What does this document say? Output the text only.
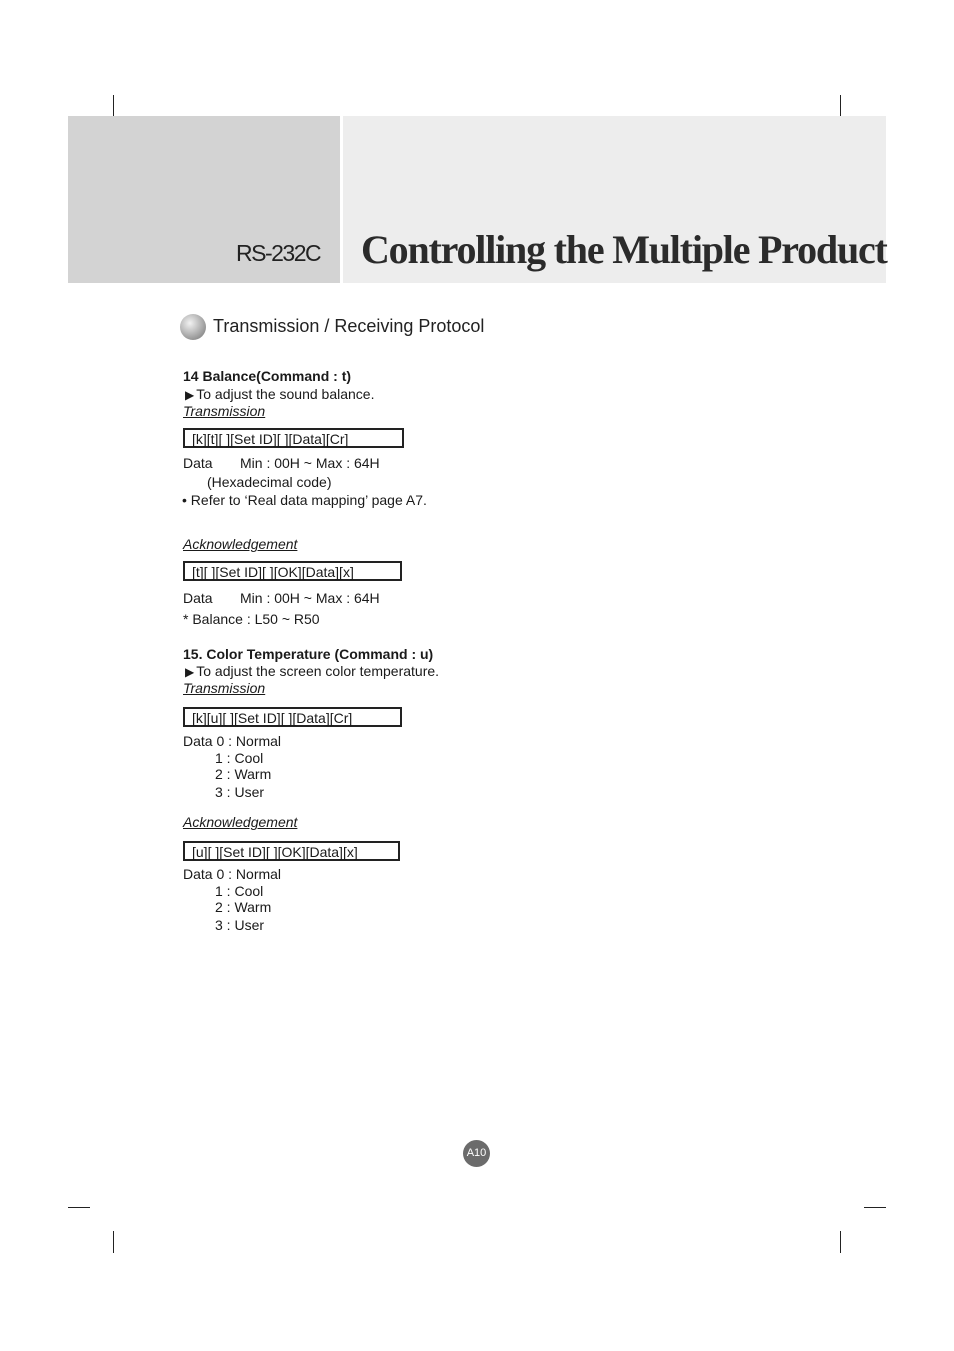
RS-232C Controlling the Multiple Product
Transmission / Receiving Protocol
14 Balance(Command : t)
▶ To adjust the sound balance.
Transmission
[k][t][ ][Set ID][ ][Data][Cr]
Data Min : 00H ~ Max : 64H
(Hexadecimal code)
• Refer to ‘Real data mapping’ page A7.
Acknowledgement
[t][ ][Set ID][ ][OK][Data][x]
Data Min : 00H ~ Max : 64H
* Balance : L50 ~ R50
15. Color Temperature (Command : u)
▶ To adjust the screen color temperature.
Transmission
[k][u][ ][Set ID][ ][Data][Cr]
Data 0 : Normal
1 : Cool
2 : Warm
3 : User
Acknowledgement
[u][ ][Set ID][ ][OK][Data][x]
Data 0 : Normal
1 : Cool
2 : Warm
3 : User
A10
